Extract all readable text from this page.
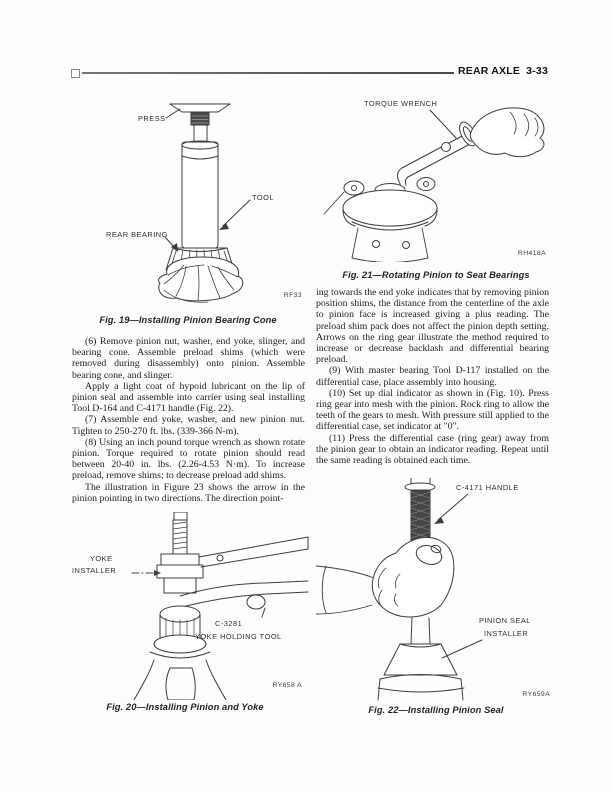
REAR AXLE 3-33
PRESS
TOOL
REAR BEARING
RF33
Fig. 19—Installing Pinion Bearing Cone
TORQUE WRENCH
RH418A
Fig. 21—Rotating Pinion to Seat Bearings

(6) Remove pinion nut, washer, end yoke, slinger, and bearing cone. Assemble preload shims (which were removed during disassembly) onto pinion. Assemble bearing cone, and slinger.

Apply a light coat of hypoid lubricant on the lip of pinion seal and assemble into carrier using seal installing Tool D-164 and C-4171 handle (Fig. 22).

(7) Assemble end yoke, washer, and new pinion nut. Tighten to 250-270 ft. lbs. (339-366 N-m).

(8) Using an inch pound torque wrench as shown rotate pinion. Torque required to rotate pinion should read between 20-40 in. lbs. (2.26-4.53 N·m). To increase preload, remove shims; to decrease preload add shims.

The illustration in Figure 23 shows the arrow in the pinion pointing in two directions. The direction point-

ing towards the end yoke indicates that by removing pinion position shims, the distance from the centerline of the axle to pinion face is increased giving a plus reading. The preload shim pack does not affect the pinion depth setting. Arrows on the ring gear illustrate the method required to increase or decrease backlash and differential bearing preload.

(9) With master bearing Tool D-117 installed on the differential case, place assembly into housing.

(10) Set up dial indicator as shown in (Fig. 10). Press ring gear into mesh with the pinion. Rock ring to allow the teeth of the gears to mesh. With pressure still applied to the differential case, set indicator at "0".

(11) Press the differential case (ring gear) away from the pinion gear to obtain an indicator reading. Repeat until the same reading is obtained each time.

YOKE
INSTALLER
C-3281
YOKE HOLDING TOOL
RY658 A
Fig. 20—Installing Pinion and Yoke
C-4171 HANDLE
PINION SEAL
INSTALLER
RY659A
Fig. 22—Installing Pinion Seal
